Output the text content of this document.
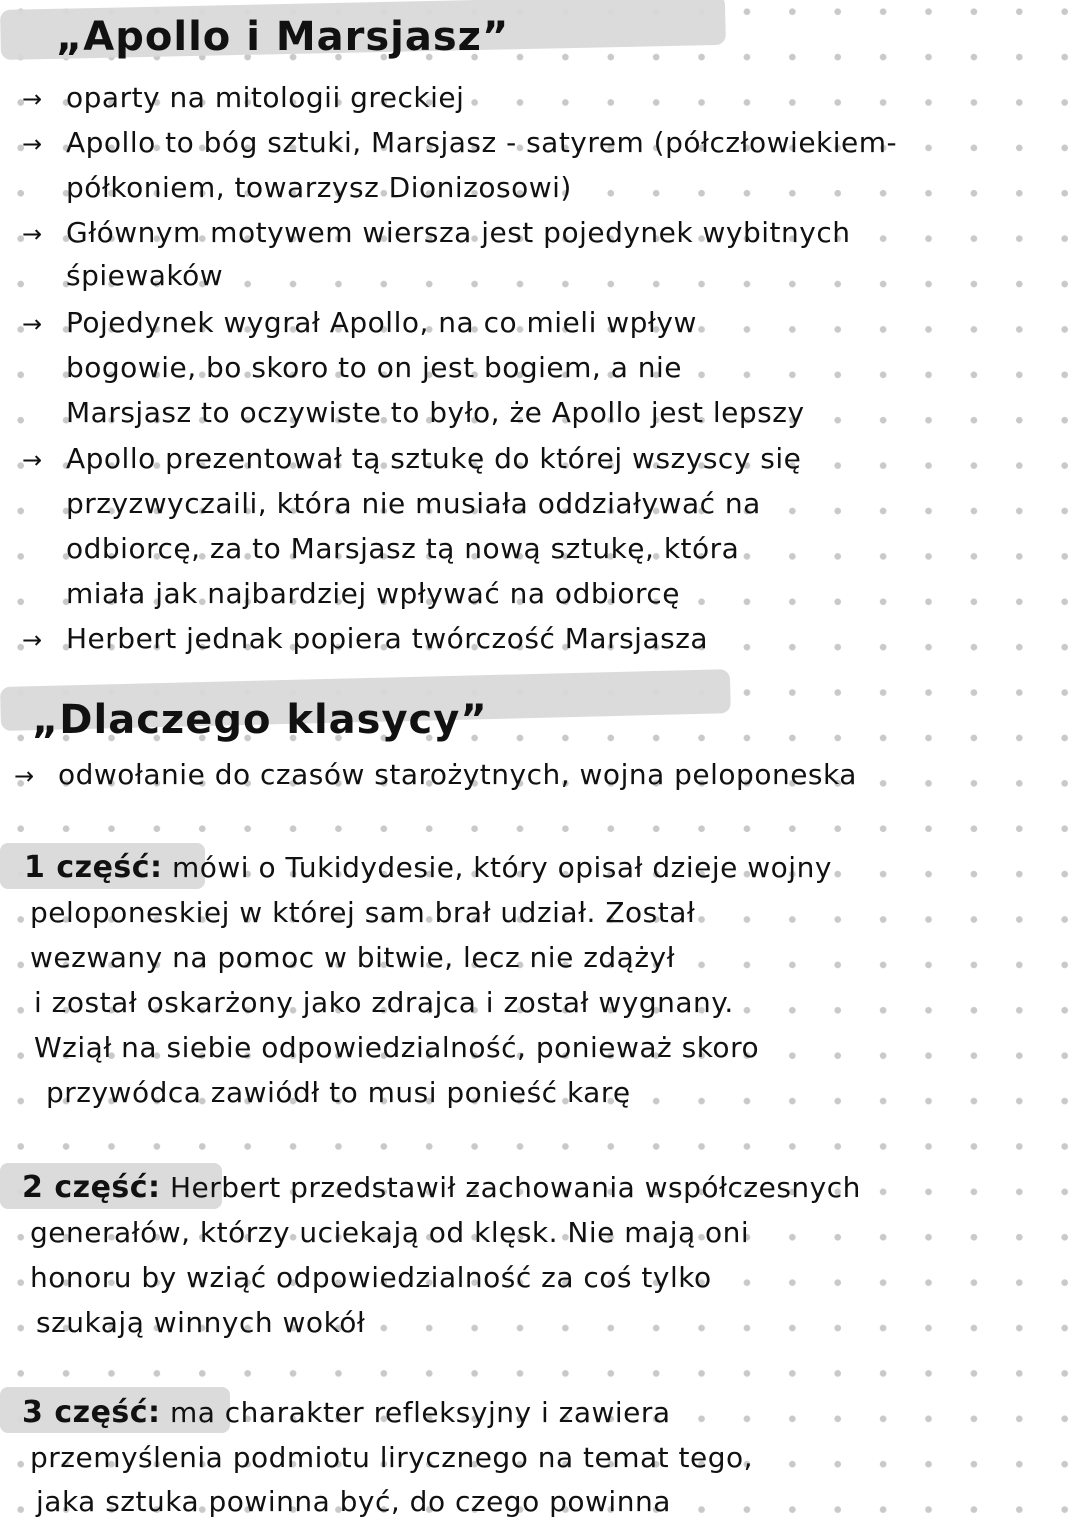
„Apollo i Marsjasz”
→ oparty na mitologii greckiej
→ Apollo to bóg sztuki, Marsjasz - satyrem (półczłowiekiem-
półkoniem, towarzysz Dionizosowi)
→ Głównym motywem wiersza jest pojedynek wybitnych
śpiewaków
→ Pojedynek wygrał Apollo, na co mieli wpływ
bogowie, bo skoro to on jest bogiem, a nie
Marsjasz to oczywiste to było, że Apollo jest lepszy
→ Apollo prezentował tą sztukę do której wszyscy się
przyzwyczaili, która nie musiała oddziaływać na
odbiorcę, za to Marsjasz tą nową sztukę, która
miała jak najbardziej wpływać na odbiorcę
→ Herbert jednak popiera twórczość Marsjasza
„Dlaczego klasycy”
→ odwołanie do czasów starożytnych, wojna peloponeska
1 część: mówi o Tukidydesie, który opisał dzieje wojny
peloponeskiej w której sam brał udział. Został
wezwany na pomoc w bitwie, lecz nie zdążył
i został oskarżony jako zdrajca i został wygnany.
Wziął na siebie odpowiedzialność, ponieważ skoro
przywódca zawiódł to musi ponieść karę
2 część: Herbert przedstawił zachowania współczesnych
generałów, którzy uciekają od klęsk. Nie mają oni
honoru by wziąć odpowiedzialność za coś tylko
szukają winnych wokół
3 część: ma charakter refleksyjny i zawiera
przemyślenia podmiotu lirycznego na temat tego,
jaka sztuka powinna być, do czego powinna
